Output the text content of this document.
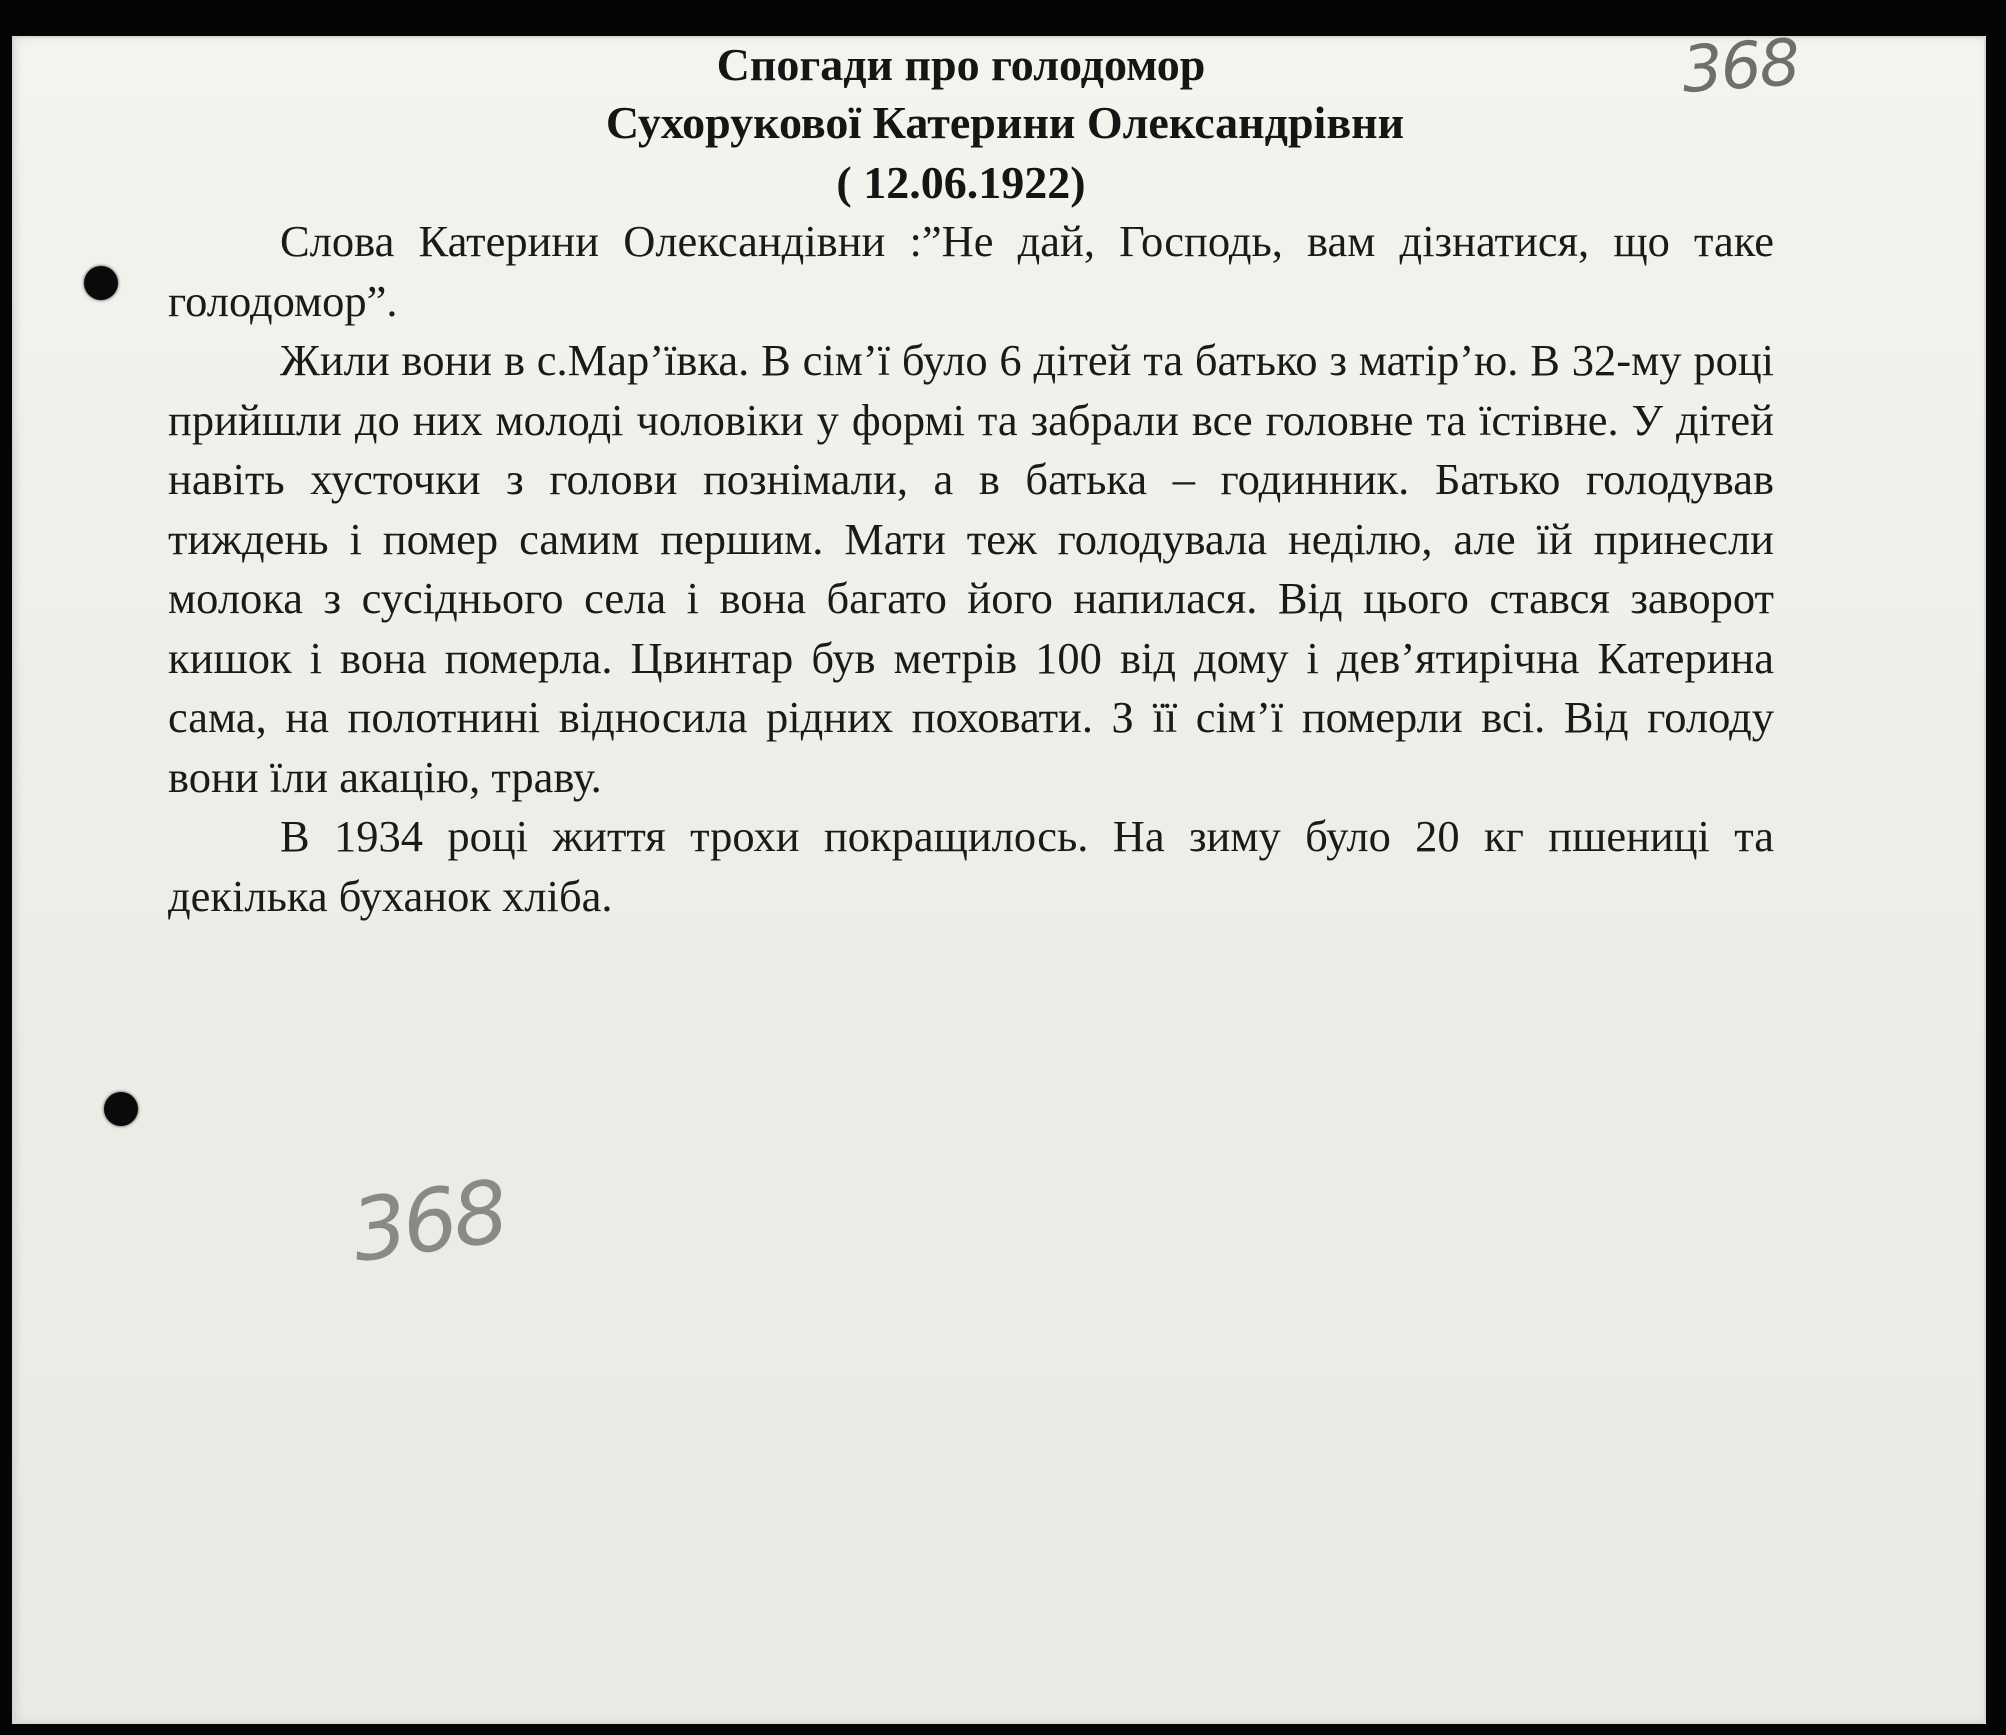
Спогади про голодомор
Сухорукової Катерини Олександрівни
( 12.06.1922)

Слова Катерини Олександівни :”Не дай, Господь, вам дізнатися, що таке голодомор”.

Жили вони в с.Мар’ївка. В сім’ї було 6 дітей та батько з матір’ю. В 32-му році прийшли до них молоді чоловіки у формі та забрали все головне та їстівне. У дітей навіть хусточки з голови познімали, а в батька – годинник. Батько голодував тиждень і помер самим першим. Мати теж голодувала неділю, але їй принесли молока з сусіднього села і вона багато його напилася. Від цього стався заворот кишок і вона померла. Цвинтар був метрів 100 від дому і дев’ятирічна Катерина сама, на полотнині відносила рідних поховати. З її сім’ї померли всі. Від голоду вони їли акацію, траву.

В 1934 році життя трохи покращилось. На зиму було 20 кг пшениці та декілька буханок хліба.

368
368
